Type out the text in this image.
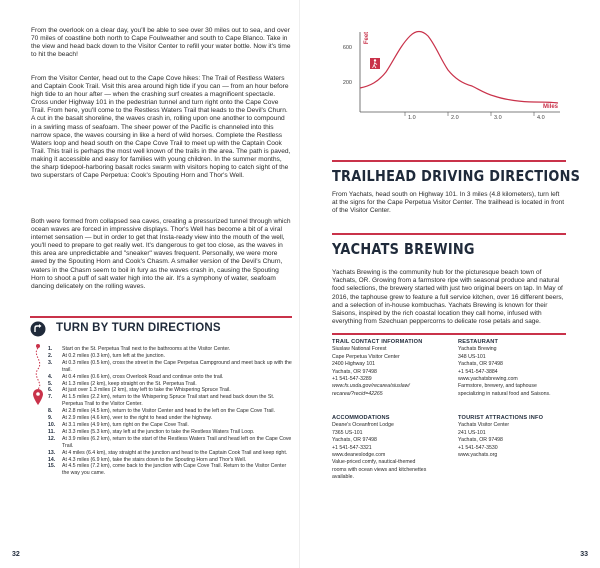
From the overlook on a clear day, you'll be able to see over 30 miles out to sea, and over 70 miles of coastline both north to Cape Foulweather and south to Cape Blanco. Take in the view and head back down to the Visitor Center to refill your water bottle. Now it's time to hit the beach!

From the Visitor Center, head out to the Cape Cove hikes: The Trail of Restless Waters and Captain Cook Trail. Visit this area around high tide if you can — from an hour before high tide to an hour after — when the crashing surf creates a magnificent spectacle. Cross under Highway 101 in the pedestrian tunnel and turn right onto the Cape Cove Trail. From here, you'll come to the Restless Waters Trail that leads to the Devil's Churn. A cut in the basalt shoreline, the waves crash in, rolling upon one another to compound in a swirling mass of seafoam. The sheer power of the Pacific is channeled into this narrow space, the waves coursing in like a herd of wild horses. Complete the Restless Waters loop and head south on the Cape Cove Trail to meet up with the Captain Cook Trail. This trail is perhaps the most well known of the trails in the area. The path is paved, making it accessible and easy for families with young children. In the summer months, the sharp tidepool-harboring basalt rocks swarm with visitors hoping to catch sight of the two superstars of Cape Perpetua: Cook's Spouting Horn and Thor's Well.

Both were formed from collapsed sea caves, creating a pressurized tunnel through which ocean waves are forced in impressive displays. Thor's Well has become a bit of a viral internet sensation — but in order to get that Insta-ready view into the mouth of the well, you'll need to prepare to get really wet. It's dangerous to get too close, as the waves in this area are unpredictable and "sneaker" waves frequent. Personally, we were more awed by the Spouting Horn and Cook's Chasm. A smaller version of the Devil's Churn, waters in the Chasm seem to boil in fury as the waves crash in, causing the Spouting Horn to shoot a puff of salt water high into the air. It's a symphony of water, seafoam dancing delicately on the rolling waves.

TURN BY TURN DIRECTIONS
1.	Start on the St. Perpetua Trail next to the bathrooms at the Visitor Center.
2.	At 0.2 miles (0.3 km), turn left at the junction.
3.	At 0.3 miles (0.5 km), cross the street in the Cape Perpetua Campground and meet back up with the trail.
4.	At 0.4 miles (0.6 km), cross Overlook Road and continue onto the trail.
5.	At 1.3 miles (2 km), keep straight on the St. Perpetua Trail.
6.	At just over 1.3 miles (2 km), stay left to take the Whispering Spruce Trail.
7.	At 1.5 miles (2.2 km), return to the Whispering Spruce Trail start and head back down the St. Perpetua Trail to the Visitor Center.
8.	At 2.8 miles (4.5 km), return to the Visitor Center and head to the left on the Cape Cove Trail.
9.	At 2.9 miles (4.6 km), veer to the right to head under the highway.
10.	At 3.1 miles (4.9 km), turn right on the Cape Cove Trail.
11.	At 3.3 miles (5.3 km), stay left at the junction to take the Restless Waters Trail Loop.
12.	At 3.9 miles (6.2 km), return to the start of the Restless Waters Trail and head left on the Cape Cove Trail.
13.	At 4 miles (6.4 km), stay straight at the junction and head to the Captain Cook Trail and keep right.
14.	At 4.3 miles (6.9 km), take the stairs down to the Spouting Horn and Thor's Well.
15.	At 4.5 miles (7.2 km), come back to the junction with Cape Cove Trail. Return to the Visitor Center the way you came.
32
600
200
Feet
Miles
1.0	2.0	3.0	4.0
TRAILHEAD DRIVING DIRECTIONS

From Yachats, head south on Highway 101. In 3 miles (4.8 kilometers), turn left at the signs for the Cape Perpetua Visitor Center. The trailhead is located in front of the Visitor Center.

YACHATS BREWING

Yachats Brewing is the community hub for the picturesque beach town of Yachats, OR. Growing from a farmstore ripe with seasonal produce and natural food selections, the brewery started with just two original beers on tap. In May of 2016, the taphouse grew to feature a full service kitchen, over 16 different beers, and a selection of in-house kombuchas. Yachats Brewing is known for their Saisons, inspired by the rich coastal location they call home, infused with everything from Szechuan peppercorns to delicate rose petals and sage.

TRAIL CONTACT INFORMATION
Siuslaw National Forest
Cape Perpetua Visitor Center
2400 Highway 101
Yachats, OR 97498
+1 541-547-3289
www.fs.usda.gov/recarea/siuslaw/
recarea/?recid=42265
RESTAURANT
Yachats Brewing
348 US-101
Yachats, OR 97498
+1 541-547-3884
www.yachatsbrewing.com
Farmstore, brewery, and taphouse
specializing in natural food and Saisons.
ACCOMMODATIONS
Deane's Oceanfront Lodge
7365 US-101
Yachats, OR 97498
+1 541-547-3321
www.deaneslodge.com
Value-priced comfy, nautical-themed
rooms with ocean views and kitchenettes
available.
TOURIST ATTRACTIONS INFO
Yachats Visitor Center
241 US-101
Yachats, OR 97498
+1 541-547-3530
www.yachats.org
33
